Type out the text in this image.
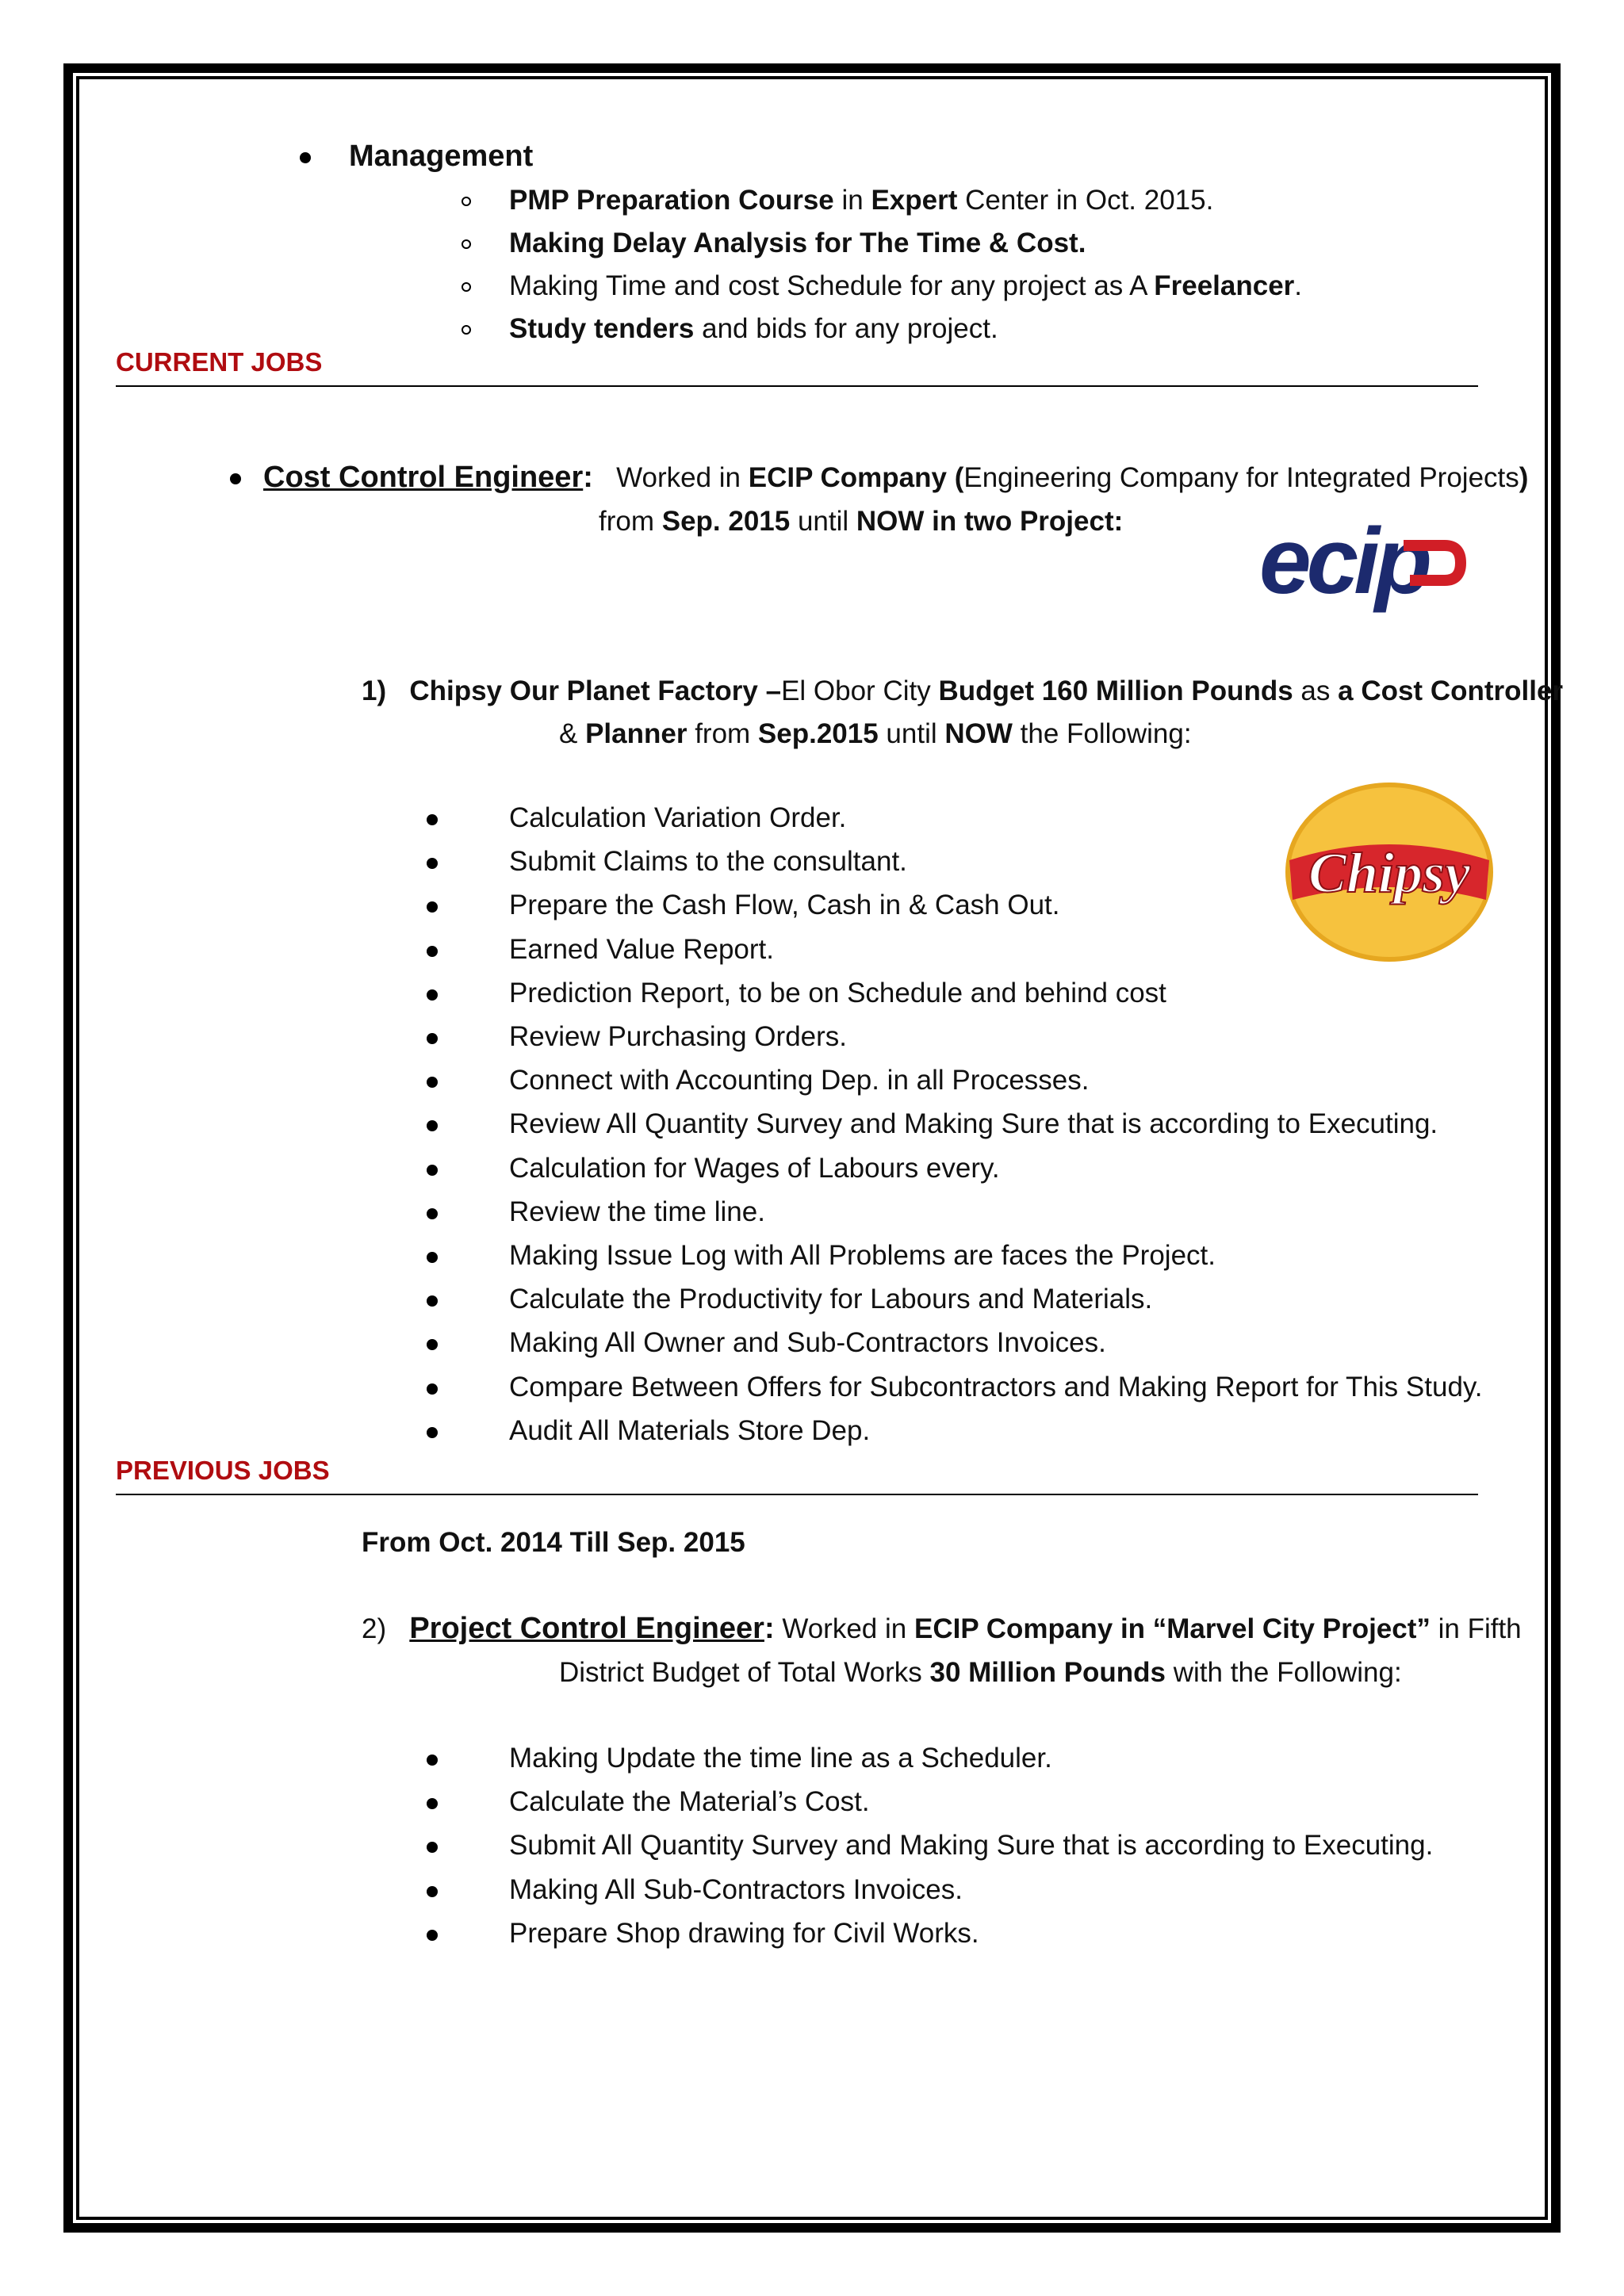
Management
PMP Preparation Course in Expert Center in Oct. 2015.
Making Delay Analysis for The Time & Cost.
Making Time and cost Schedule for any project as A Freelancer.
Study tenders and bids for any project.
CURRENT JOBS
Cost Control Engineer: Worked in ECIP Company (Engineering Company for Integrated Projects)
from Sep. 2015 until NOW in two Project: ecip
1) Chipsy Our Planet Factory –El Obor City Budget 160 Million Pounds as a Cost Controller
& Planner from Sep.2015 until NOW the Following:
Chipsy
Calculation Variation Order.
Submit Claims to the consultant.
Prepare the Cash Flow, Cash in & Cash Out.
Earned Value Report.
Prediction Report, to be on Schedule and behind cost
Review Purchasing Orders.
Connect with Accounting Dep. in all Processes.
Review All Quantity Survey and Making Sure that is according to Executing.
Calculation for Wages of Labours every.
Review the time line.
Making Issue Log with All Problems are faces the Project.
Calculate the Productivity for Labours and Materials.
Making All Owner and Sub-Contractors Invoices.
Compare Between Offers for Subcontractors and Making Report for This Study.
Audit All Materials Store Dep.
PREVIOUS JOBS
From Oct. 2014 Till Sep. 2015
2) Project Control Engineer: Worked in ECIP Company in “Marvel City Project” in Fifth
District Budget of Total Works 30 Million Pounds with the Following:
Making Update the time line as a Scheduler.
Calculate the Material’s Cost.
Submit All Quantity Survey and Making Sure that is according to Executing.
Making All Sub-Contractors Invoices.
Prepare Shop drawing for Civil Works.
